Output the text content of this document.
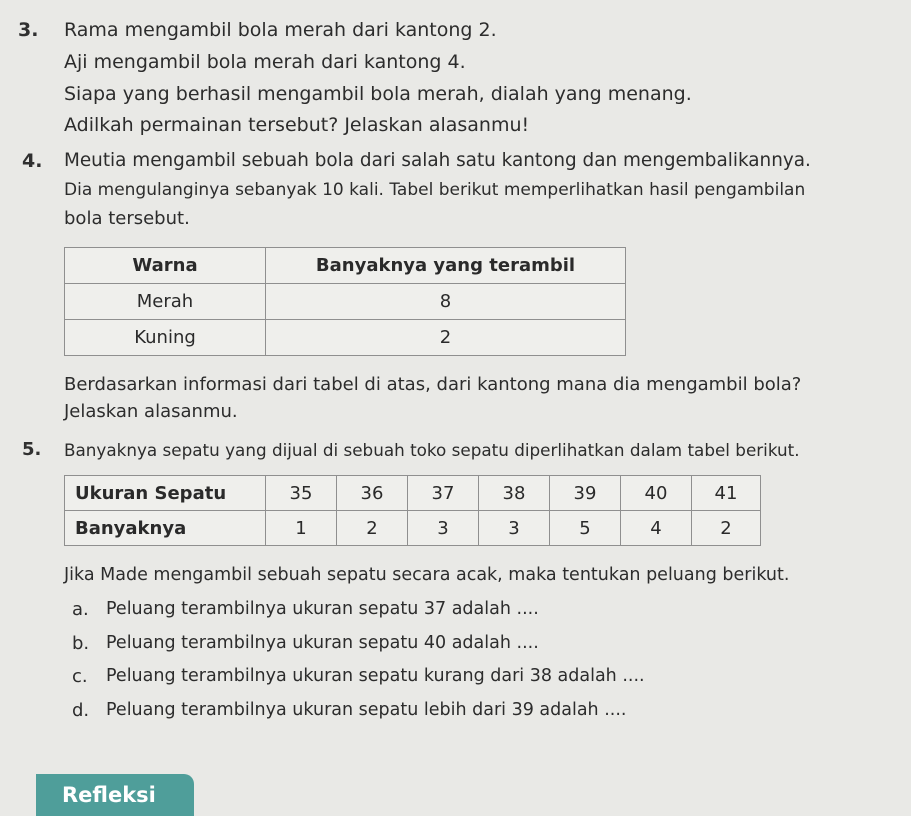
3. Rama mengambil bola merah dari kantong 2.
Aji mengambil bola merah dari kantong 4.
Siapa yang berhasil mengambil bola merah, dialah yang menang.
Adilkah permainan tersebut? Jelaskan alasanmu!
4. Meutia mengambil sebuah bola dari salah satu kantong dan mengembalikannya.
Dia mengulanginya sebanyak 10 kali. Tabel berikut memperlihatkan hasil pengambilan
bola tersebut.
Warna	Banyaknya yang terambil
Merah	8
Kuning	2
Berdasarkan informasi dari tabel di atas, dari kantong mana dia mengambil bola?
Jelaskan alasanmu.
5. Banyaknya sepatu yang dijual di sebuah toko sepatu diperlihatkan dalam tabel berikut.
Ukuran Sepatu	35	36	37	38	39	40	41
Banyaknya	1	2	3	3	5	4	2
Jika Made mengambil sebuah sepatu secara acak, maka tentukan peluang berikut.
a. Peluang terambilnya ukuran sepatu 37 adalah ....
b. Peluang terambilnya ukuran sepatu 40 adalah ....
c. Peluang terambilnya ukuran sepatu kurang dari 38 adalah ....
d. Peluang terambilnya ukuran sepatu lebih dari 39 adalah ....
Refleksi
